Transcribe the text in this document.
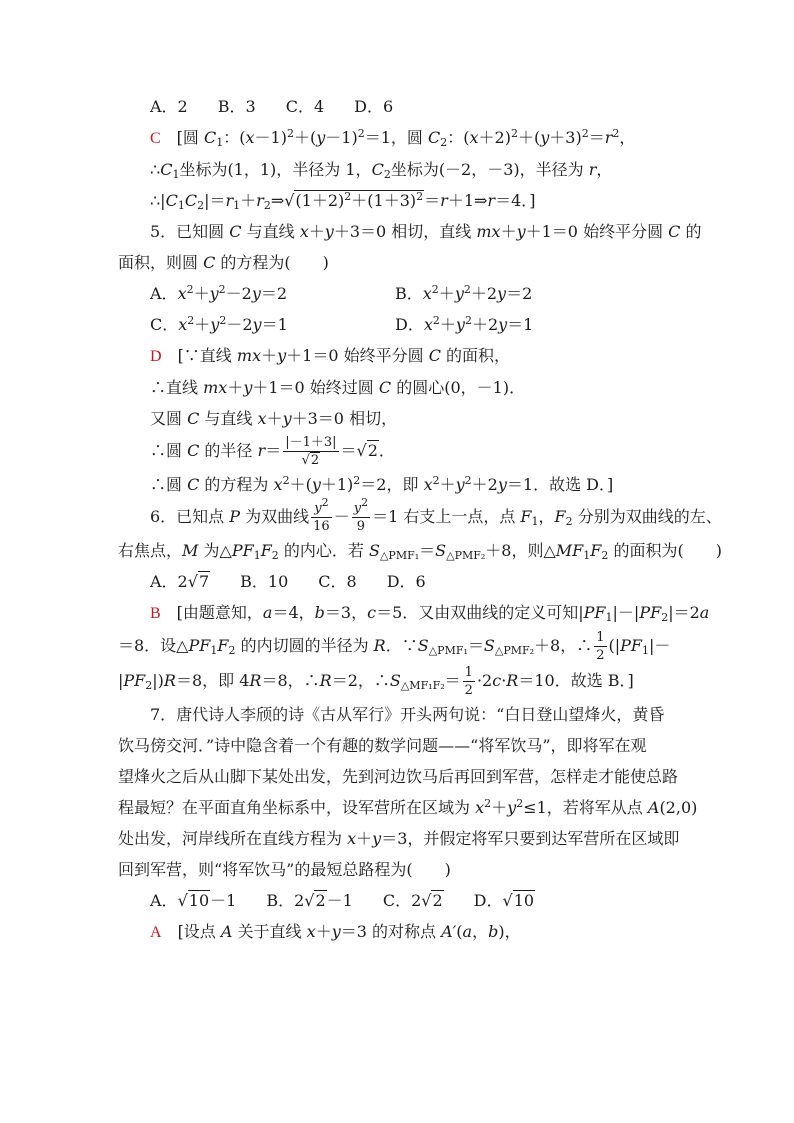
A．2 B．3 C．4 D．6
C　[圆 C1：$(x-1)^2+(y-1)^2=1$，圆 C2：$(x+2)^2+(y+3)^2=r^2$，
∴C1坐标为(1，1)，半径为 1，C2坐标为(－2，－3)，半径为 r，
∴|C1C2|＝r1＋r2⇒ √ $(1+2)^2+(1+3)^2=r+1\Rightarrow r=4$．]
5．已知圆 C 与直线 x＋y＋3＝0 相切，直线 mx＋y＋1＝0 始终平分圆 C 的
面积，则圆 C 的方程为(　　)
A．$x^2+y^2-2y=2$	B．$x^2+y^2+2y=2$
C．$x^2+y^2-2y=1$	D．$x^2+y^2+2y=1$
D　[∵直线 mx＋y＋1＝0 始终平分圆 C 的面积，
∴直线 mx＋y＋1＝0 始终过圆 C 的圆心(0，－1)．
又圆 C 与直线 x＋y＋3＝0 相切，
∴圆 C 的半径 r＝ |－1＋3|
√ 2 ＝ √ 2．
∴圆 C 的方程为 $x^2+(y+1)^2=2$，即 $x^2+y^2+2y=1$．故选 D．]
6．已知点 P 为双曲线 $\frac{y^2}{16} - \frac{y^2}{9} =1$ 右支上一点，点 F1，F2 分别为双曲线的左、
右焦点，M 为△PF1F2 的内心．若 S△PMF₁＝S△PMF₂＋8，则△MF1F2 的面积为(　　)
A．2 √ 7 B．10 C．8 D．6
B　[由题意知，a＝4，b＝3，c＝5．又由双曲线的定义可知|PF1|－|PF2|＝2a
＝8．设△PF1F2 的内切圆的半径为 R．∵S△PMF₁＝S△PMF₂＋8，∴ $\frac{1}{2} (|PF1|-$
|PF2|)R＝8，即 4R＝8，∴R＝2，∴S△MF₁F₂＝ $\frac{1}{2} \cdot 2c\cdot R=10$．故选 B．]
7．唐代诗人李颀的诗《古从军行》开头两句说：“白日登山望烽火，黄昏
饮马傍交河．”诗中隐含着一个有趣的数学问题——“将军饮马”，即将军在观
望烽火之后从山脚下某处出发，先到河边饮马后再回到军营，怎样走才能使总路
程最短？在平面直角坐标系中，设军营所在区域为 $x^2+y^2\le 1$，若将军从点 A(2,0)
处出发，河岸线所在直线方程为 x＋y＝3，并假定将军只要到达军营所在区域即
回到军营，则“将军饮马”的最短总路程为(　　)
A． √ 10－1 B．2 √ 2－1 C．2 √ 2 D． √ 10
A　[设点 A 关于直线 x＋y＝3 的对称点 A′(a，b)，
